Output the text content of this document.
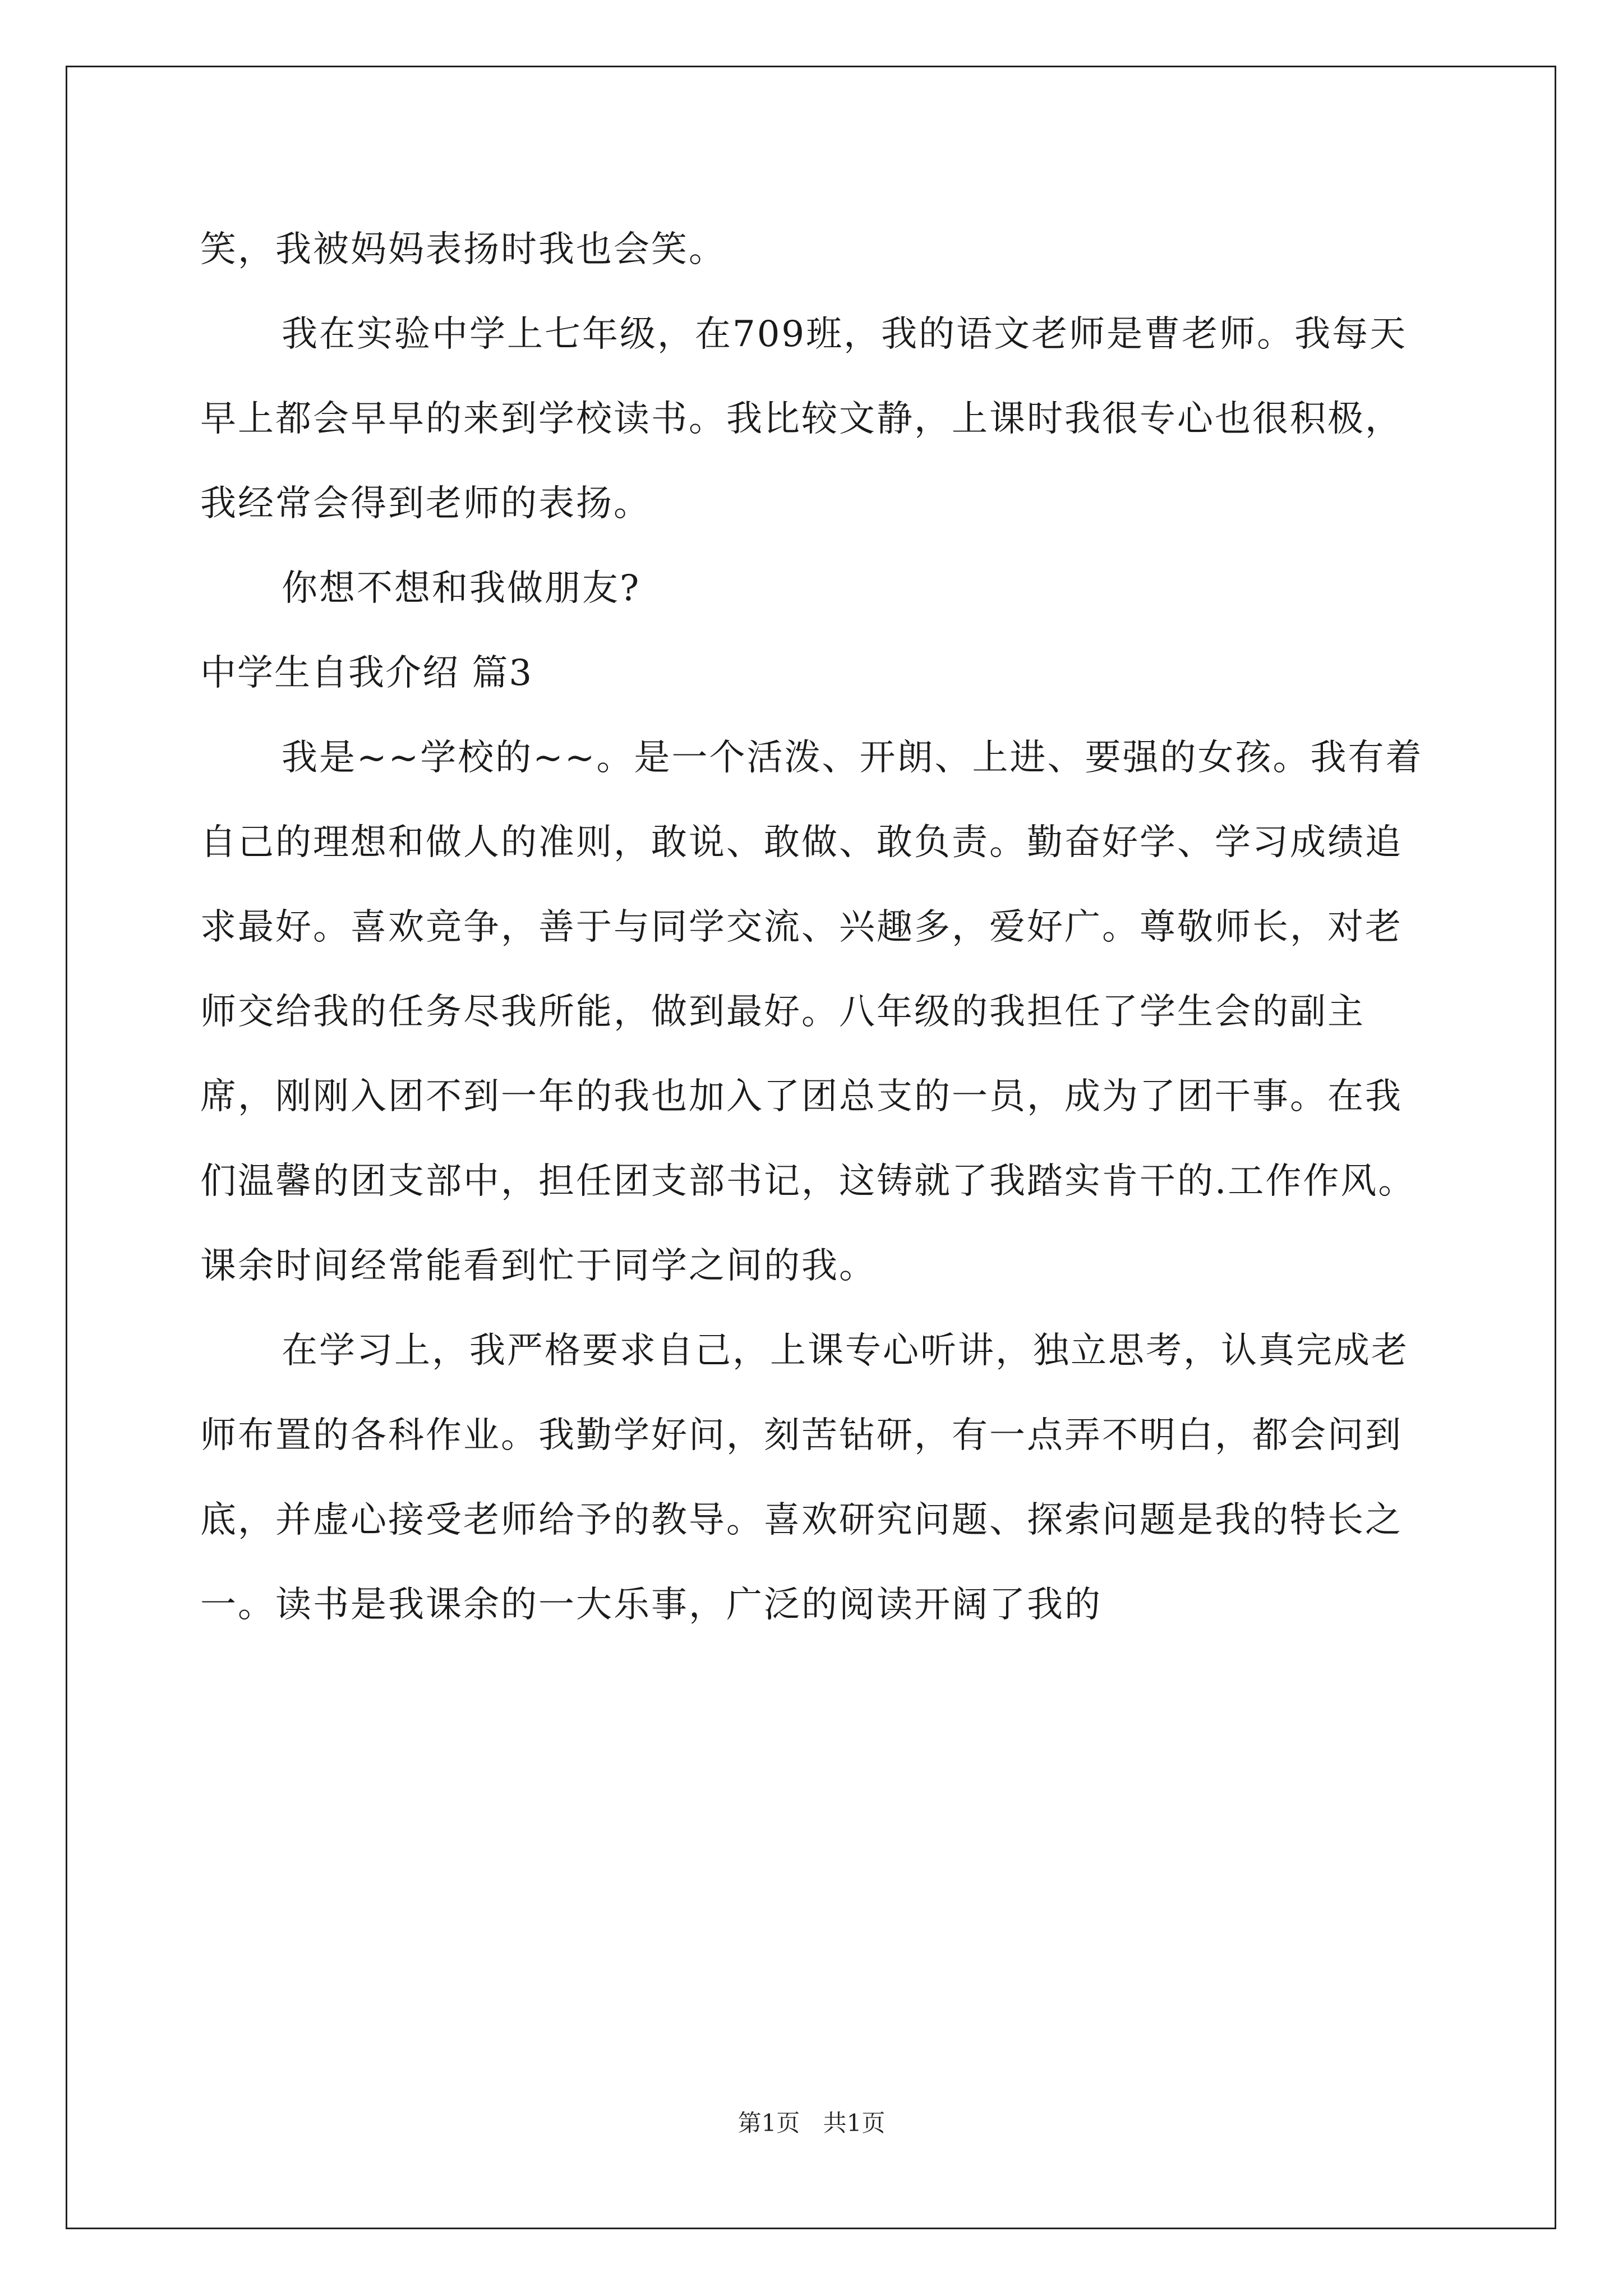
笑，我被妈妈表扬时我也会笑。

我在实验中学上七年级，在709班，我的语文老师是曹老师。我每天早上都会早早的来到学校读书。我比较文静，上课时我很专心也很积极，我经常会得到老师的表扬。

你想不想和我做朋友?

中学生自我介绍 篇3

我是~~学校的~~。是一个活泼、开朗、上进、要强的女孩。我有着自己的理想和做人的准则，敢说、敢做、敢负责。勤奋好学、学习成绩追求最好。喜欢竞争，善于与同学交流、兴趣多，爱好广。尊敬师长，对老师交给我的任务尽我所能，做到最好。八年级的我担任了学生会的副主席，刚刚入团不到一年的我也加入了团总支的一员，成为了团干事。在我们温馨的团支部中，担任团支部书记，这铸就了我踏实肯干的.工作作风。课余时间经常能看到忙于同学之间的我。

在学习上，我严格要求自己，上课专心听讲，独立思考，认真完成老师布置的各科作业。我勤学好问，刻苦钻研，有一点弄不明白，都会问到底，并虚心接受老师给予的教导。喜欢研究问题、探索问题是我的特长之一。读书是我课余的一大乐事，广泛的阅读开阔了我的

第1页 共1页
